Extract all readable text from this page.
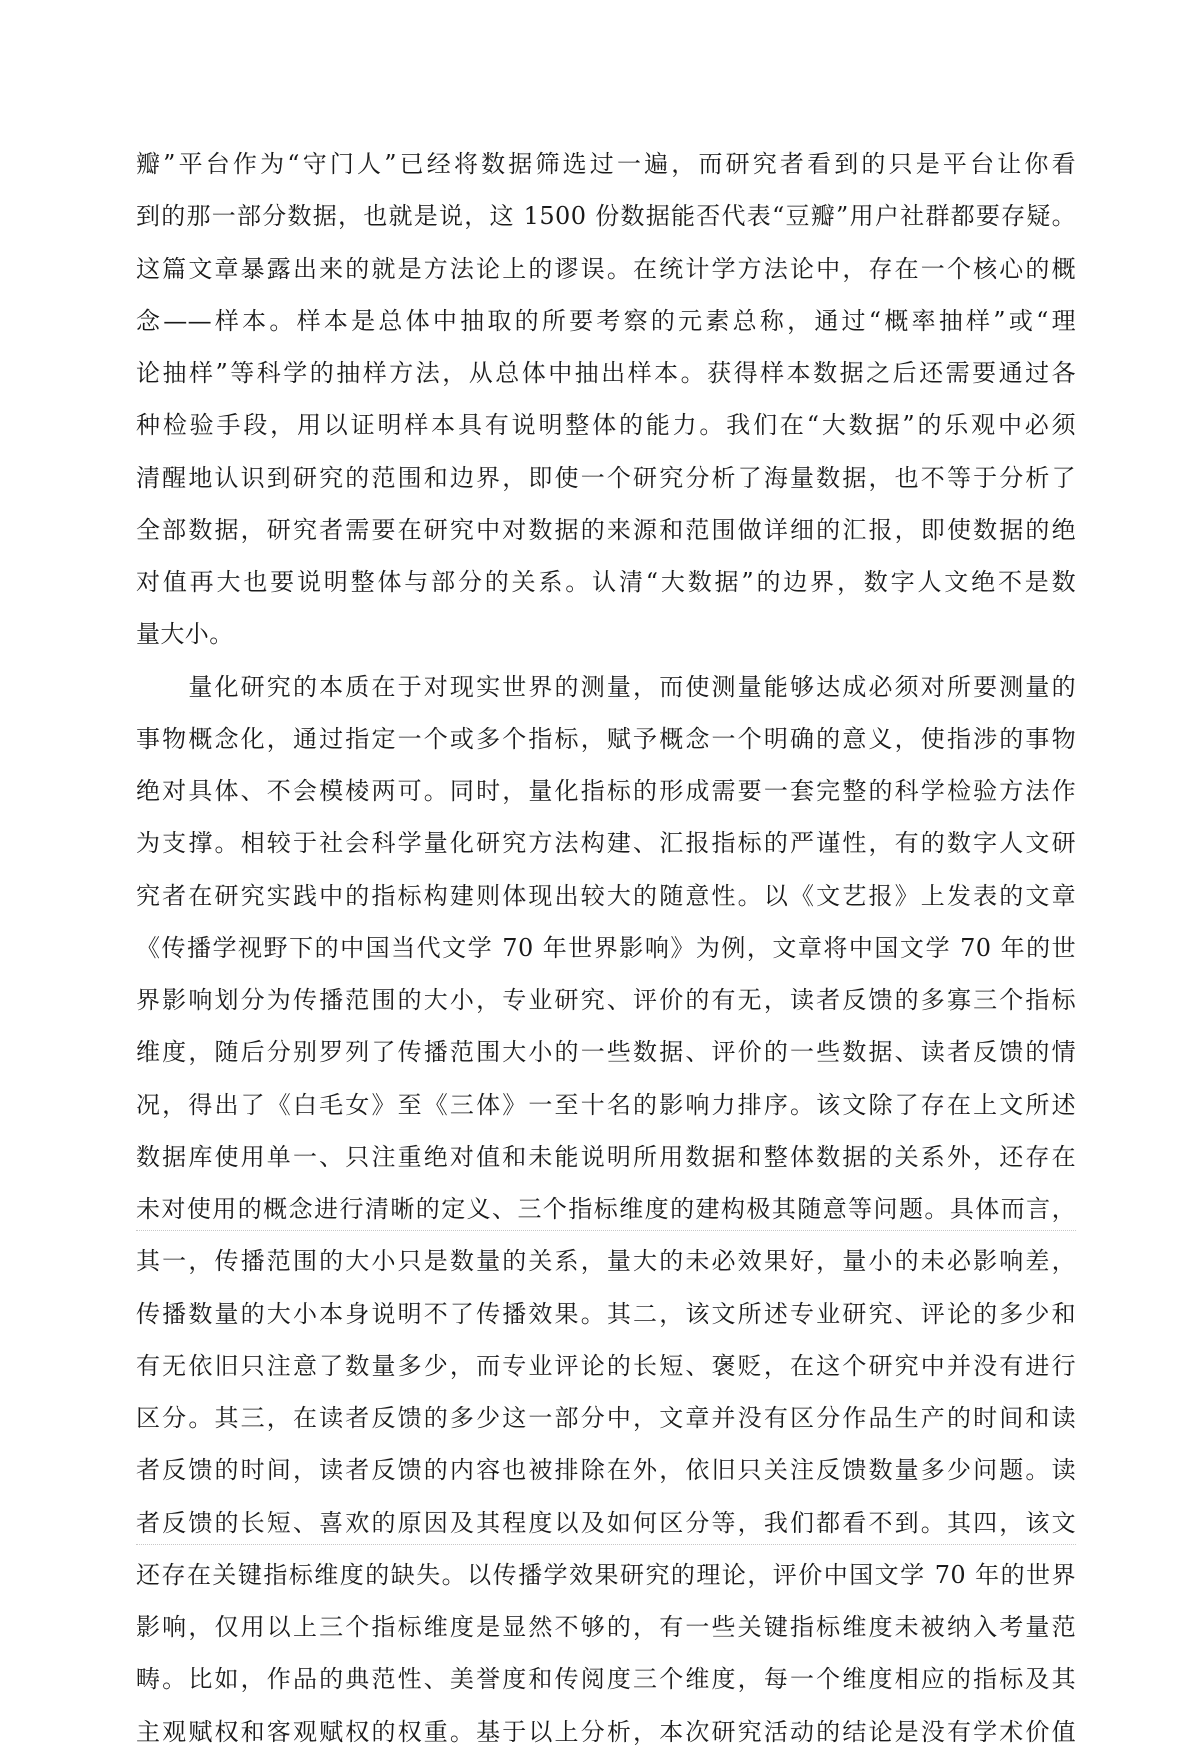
瓣”平台作为“守门人”已经将数据筛选过一遍，而研究者看到的只是平台让你看
到的那一部分数据，也就是说，这 1500 份数据能否代表“豆瓣”用户社群都要存疑。
这篇文章暴露出来的就是方法论上的谬误。在统计学方法论中，存在一个核心的概
念——样本。样本是总体中抽取的所要考察的元素总称，通过“概率抽样”或“理
论抽样”等科学的抽样方法，从总体中抽出样本。获得样本数据之后还需要通过各
种检验手段，用以证明样本具有说明整体的能力。我们在“大数据”的乐观中必须
清醒地认识到研究的范围和边界，即使一个研究分析了海量数据，也不等于分析了
全部数据，研究者需要在研究中对数据的来源和范围做详细的汇报，即使数据的绝
对值再大也要说明整体与部分的关系。认清“大数据”的边界，数字人文绝不是数
量大小。
　　量化研究的本质在于对现实世界的测量，而使测量能够达成必须对所要测量的
事物概念化，通过指定一个或多个指标，赋予概念一个明确的意义，使指涉的事物
绝对具体、不会模棱两可。同时，量化指标的形成需要一套完整的科学检验方法作
为支撑。相较于社会科学量化研究方法构建、汇报指标的严谨性，有的数字人文研
究者在研究实践中的指标构建则体现出较大的随意性。以《文艺报》上发表的文章
《传播学视野下的中国当代文学 70 年世界影响》为例，文章将中国文学 70 年的世
界影响划分为传播范围的大小，专业研究、评价的有无，读者反馈的多寡三个指标
维度，随后分别罗列了传播范围大小的一些数据、评价的一些数据、读者反馈的情
况，得出了《白毛女》至《三体》一至十名的影响力排序。该文除了存在上文所述
数据库使用单一、只注重绝对值和未能说明所用数据和整体数据的关系外，还存在
未对使用的概念进行清晰的定义、三个指标维度的建构极其随意等问题。具体而言，
其一，传播范围的大小只是数量的关系，量大的未必效果好，量小的未必影响差，
传播数量的大小本身说明不了传播效果。其二，该文所述专业研究、评论的多少和
有无依旧只注意了数量多少，而专业评论的长短、褒贬，在这个研究中并没有进行
区分。其三，在读者反馈的多少这一部分中，文章并没有区分作品生产的时间和读
者反馈的时间，读者反馈的内容也被排除在外，依旧只关注反馈数量多少问题。读
者反馈的长短、喜欢的原因及其程度以及如何区分等，我们都看不到。其四，该文
还存在关键指标维度的缺失。以传播学效果研究的理论，评价中国文学 70 年的世界
影响，仅用以上三个指标维度是显然不够的，有一些关键指标维度未被纳入考量范
畴。比如，作品的典范性、美誉度和传阅度三个维度，每一个维度相应的指标及其
主观赋权和客观赋权的权重。基于以上分析，本次研究活动的结论是没有学术价值
